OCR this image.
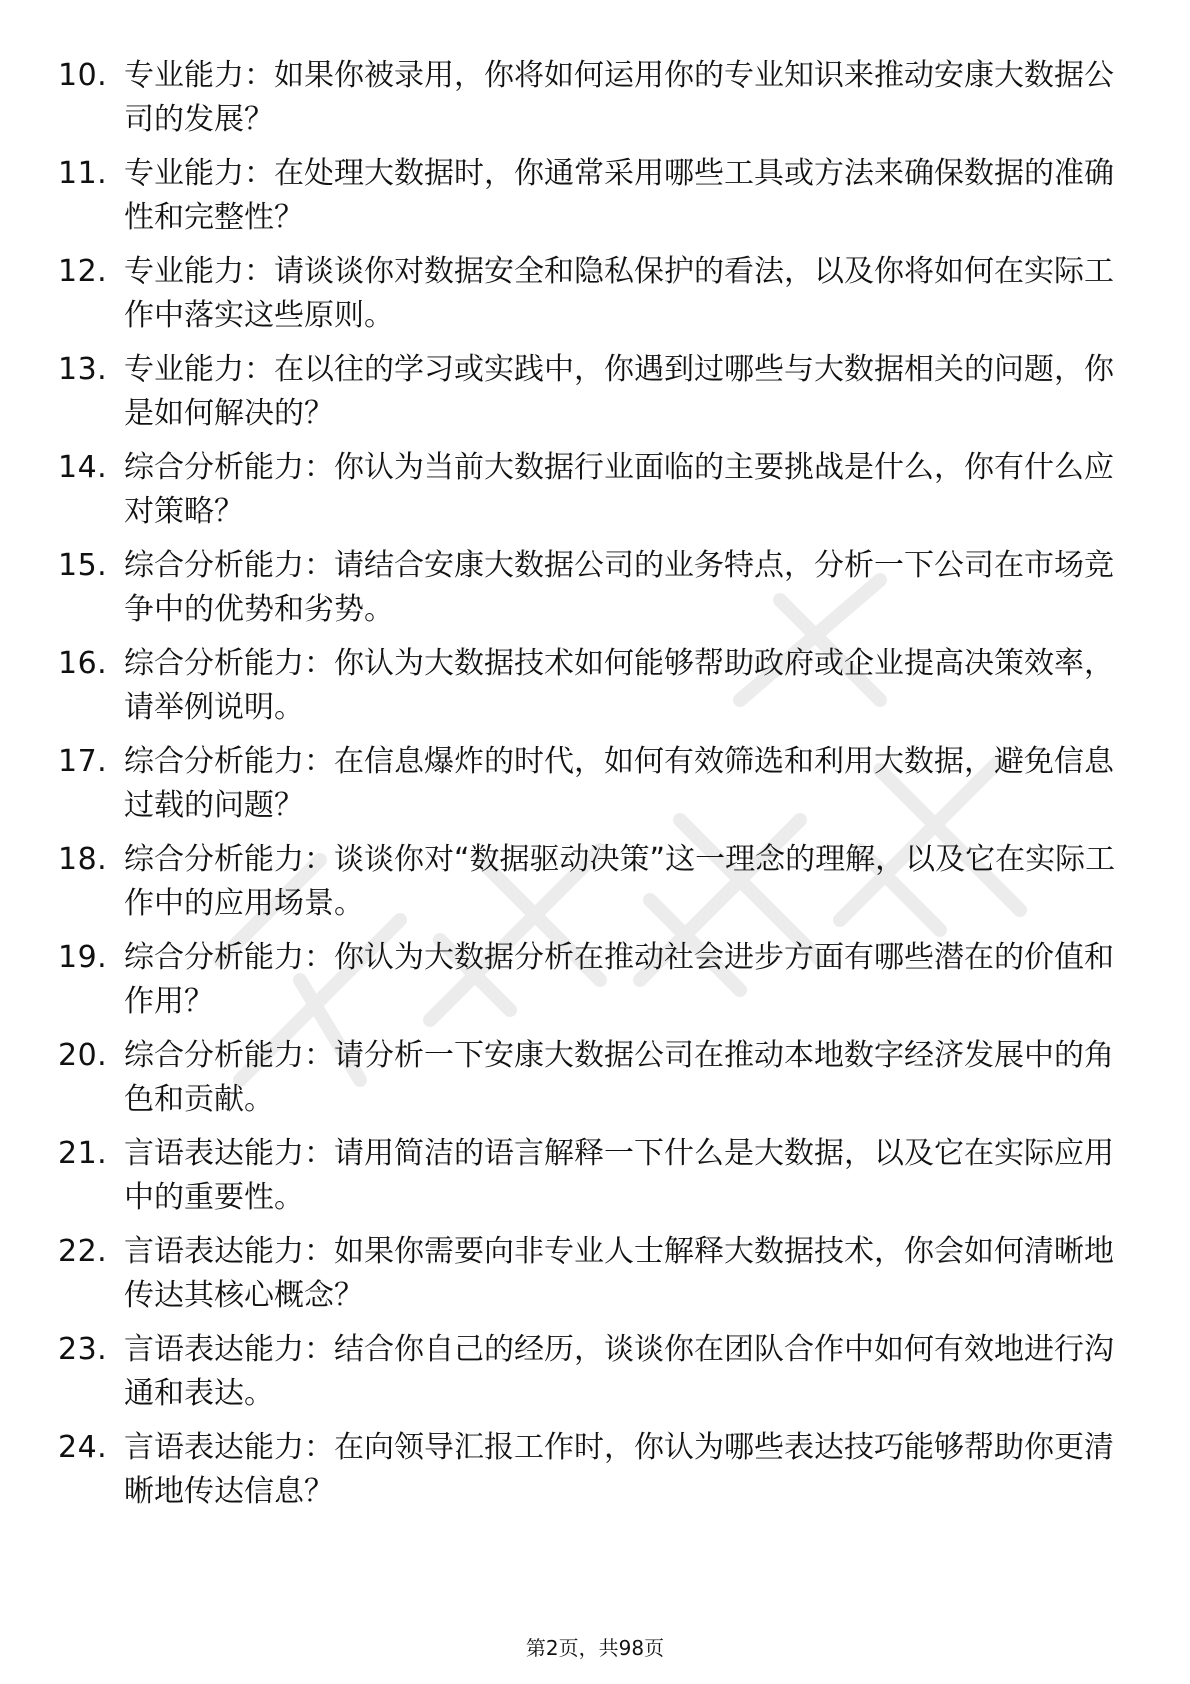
10. 专业能力：如果你被录用，你将如何运用你的专业知识来推动安康大数据公司的发展？

11. 专业能力：在处理大数据时，你通常采用哪些工具或方法来确保数据的准确性和完整性？

12. 专业能力：请谈谈你对数据安全和隐私保护的看法，以及你将如何在实际工作中落实这些原则。

13. 专业能力：在以往的学习或实践中，你遇到过哪些与大数据相关的问题，你是如何解决的？

14. 综合分析能力：你认为当前大数据行业面临的主要挑战是什么，你有什么应对策略？

15. 综合分析能力：请结合安康大数据公司的业务特点，分析一下公司在市场竞争中的优势和劣势。

16. 综合分析能力：你认为大数据技术如何能够帮助政府或企业提高决策效率，请举例说明。

17. 综合分析能力：在信息爆炸的时代，如何有效筛选和利用大数据，避免信息过载的问题？

18. 综合分析能力：谈谈你对“数据驱动决策”这一理念的理解，以及它在实际工作中的应用场景。

19. 综合分析能力：你认为大数据分析在推动社会进步方面有哪些潜在的价值和作用？

20. 综合分析能力：请分析一下安康大数据公司在推动本地数字经济发展中的角色和贡献。

21. 言语表达能力：请用简洁的语言解释一下什么是大数据，以及它在实际应用中的重要性。

22. 言语表达能力：如果你需要向非专业人士解释大数据技术，你会如何清晰地传达其核心概念？

23. 言语表达能力：结合你自己的经历，谈谈你在团队合作中如何有效地进行沟通和表达。

24. 言语表达能力：在向领导汇报工作时，你认为哪些表达技巧能够帮助你更清晰地传达信息？

第2页，共98页
